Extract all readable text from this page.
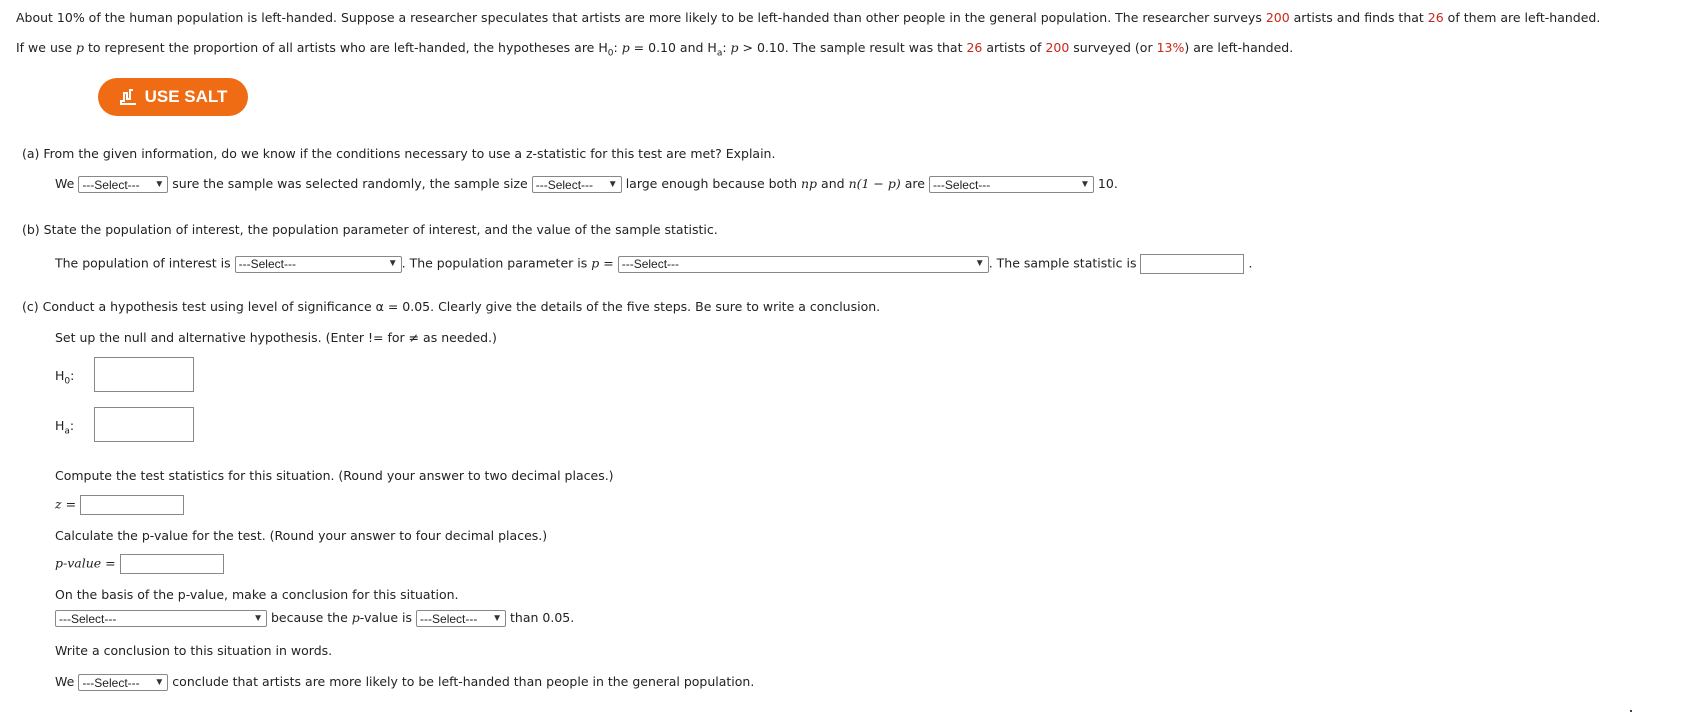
About 10% of the human population is left-handed. Suppose a researcher speculates that artists are more likely to be left-handed than other people in the general population. The researcher surveys 200 artists and finds that 26 of them are left-handed.
If we use p to represent the proportion of all artists who are left-handed, the hypotheses are $H_0$: p = 0.10 and $H_a$: p > 0.10. The sample result was that 26 artists of 200 surveyed (or 13%) are left-handed.
USE SALT
(a) From the given information, do we know if the conditions necessary to use a z-statistic for this test are met? Explain.
We ---Select--- ▼ sure the sample was selected randomly, the sample size ---Select--- ▼ large enough because both np and n(1 − p) are ---Select---	▼ 10.
(b) State the population of interest, the population parameter of interest, and the value of the sample statistic.
The population of interest is ---Select---	▼ . The population parameter is p = ---Select---	▼ . The sample statistic is	.
(c) Conduct a hypothesis test using level of significance α = 0.05. Clearly give the details of the five steps. Be sure to write a conclusion.
Set up the null and alternative hypothesis. (Enter != for ≠ as needed.)
$H_0$:
$H_a$:
Compute the test statistics for this situation. (Round your answer to two decimal places.)
z =
Calculate the p-value for the test. (Round your answer to four decimal places.)
p-value =
On the basis of the p-value, make a conclusion for this situation.
---Select---	▼ because the p-value is ---Select--- ▼ than 0.05.
Write a conclusion to this situation in words.
We ---Select--- ▼ conclude that artists are more likely to be left-handed than people in the general population.
